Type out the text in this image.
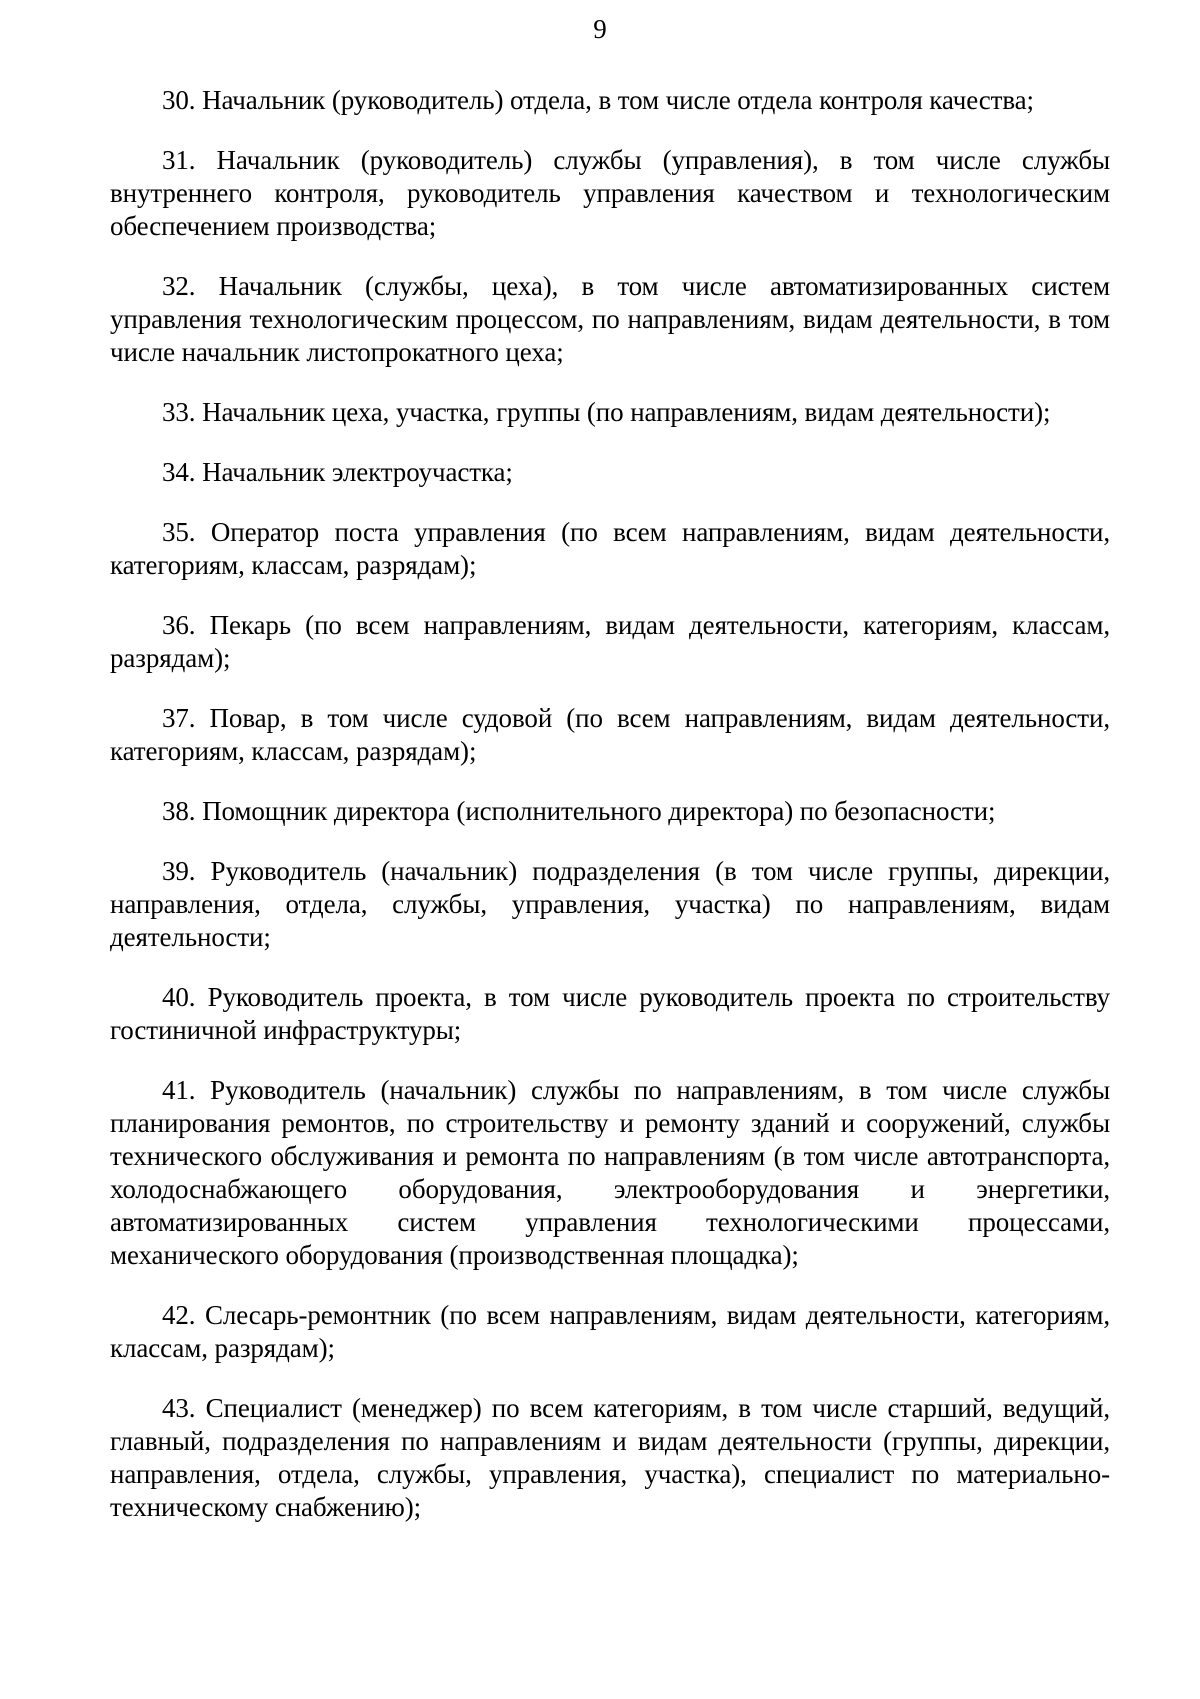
9

30. Начальник (руководитель) отдела, в том числе отдела контроля качества;

31. Начальник (руководитель) службы (управления), в том числе службы внутреннего контроля, руководитель управления качеством и технологическим обеспечением производства;

32. Начальник (службы, цеха), в том числе автоматизированных систем управления технологическим процессом, по направлениям, видам деятельности, в том числе начальник листопрокатного цеха;

33. Начальник цеха, участка, группы (по направлениям, видам деятельности);

34. Начальник электроучастка;

35. Оператор поста управления (по всем направлениям, видам деятельности, категориям, классам, разрядам);

36. Пекарь (по всем направлениям, видам деятельности, категориям, классам, разрядам);

37. Повар, в том числе судовой (по всем направлениям, видам деятельности, категориям, классам, разрядам);

38. Помощник директора (исполнительного директора) по безопасности;

39. Руководитель (начальник) подразделения (в том числе группы, дирекции, направления, отдела, службы, управления, участка) по направлениям, видам деятельности;

40. Руководитель проекта, в том числе руководитель проекта по строительству гостиничной инфраструктуры;

41. Руководитель (начальник) службы по направлениям, в том числе службы планирования ремонтов, по строительству и ремонту зданий и сооружений, службы технического обслуживания и ремонта по направлениям (в том числе автотранспорта, холодоснабжающего оборудования, электрооборудования и энергетики, автоматизированных систем управления технологическими процессами, механического оборудования (производственная площадка);

42. Слесарь-ремонтник (по всем направлениям, видам деятельности, категориям, классам, разрядам);

43. Специалист (менеджер) по всем категориям, в том числе старший, ведущий, главный, подразделения по направлениям и видам деятельности (группы, дирекции, направления, отдела, службы, управления, участка), специалист по материально-техническому снабжению);
